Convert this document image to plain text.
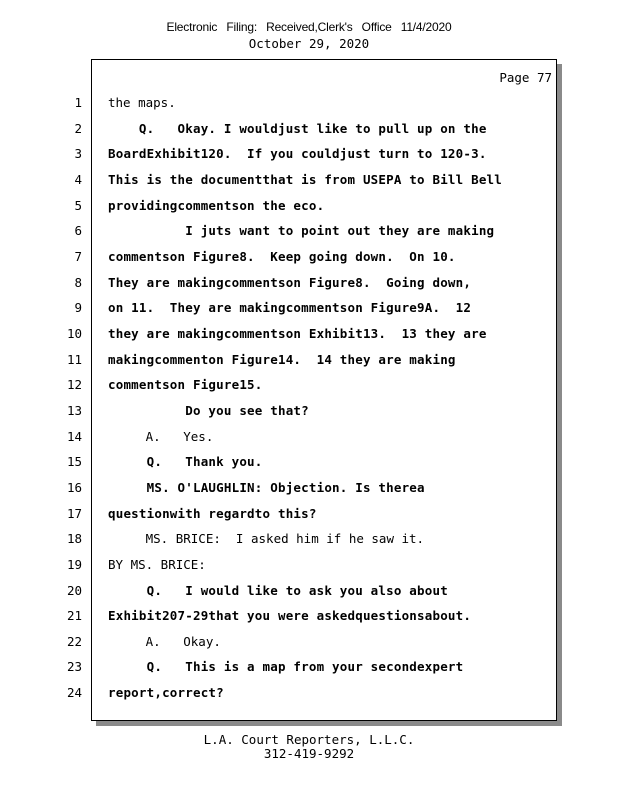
Electronic Filing: Received,Clerk's Office 11/4/2020
October 29, 2020
Page 77
1 the maps.
2 Q.   Okay. I wouldjust like to pull up on the
3 BoardExhibit120.  If you couldjust turn to 120-3.
4 This is the documentthat is from USEPA to Bill Bell
5 providingcommentson the eco.
6 I juts want to point out they are making
7 commentson Figure8.  Keep going down.  On 10.
8 They are makingcommentson Figure8.  Going down,
9 on 11.  They are makingcommentson Figure9A.  12
10 they are makingcommentson Exhibit13.  13 they are
11 makingcommenton Figure14.  14 they are making
12 commentson Figure15.
13 Do you see that?
14 A.   Yes.
15 Q.   Thank you.
16 MS. O'LAUGHLIN: Objection. Is therea
17 questionwith regardto this?
18 MS. BRICE:  I asked him if he saw it.
19 BY MS. BRICE:
20 Q.   I would like to ask you also about
21 Exhibit207-29that you were askedquestionsabout.
22 A.   Okay.
23 Q.   This is a map from your secondexpert
24 report,correct?
L.A. Court Reporters, L.L.C.
312-419-9292
